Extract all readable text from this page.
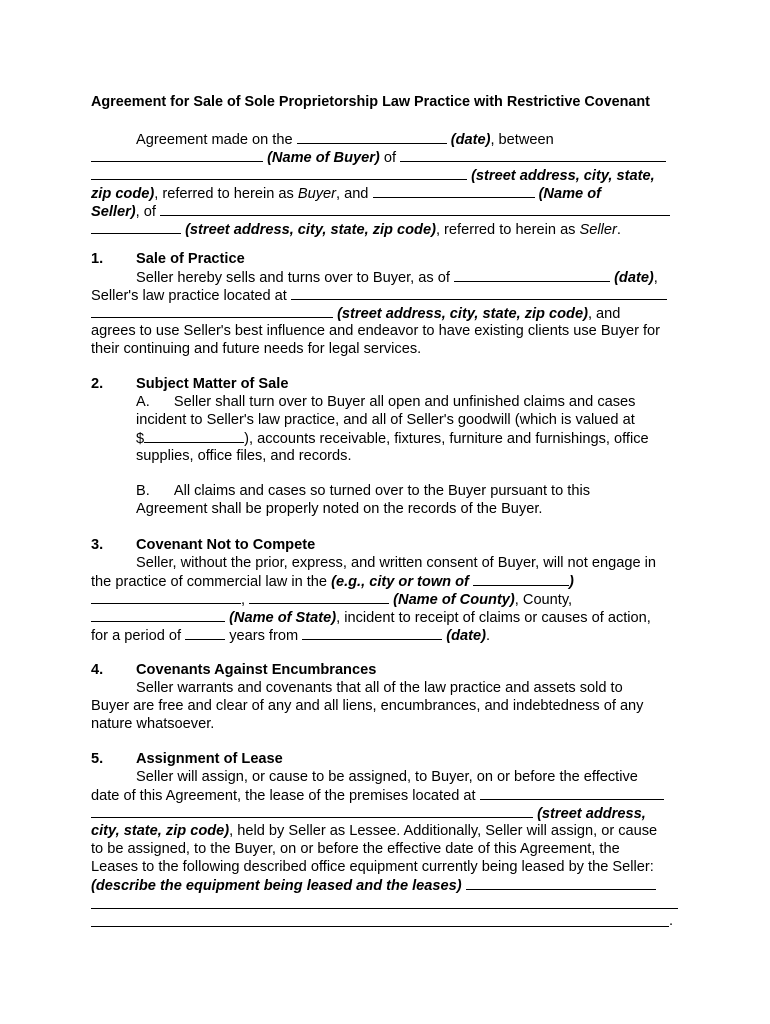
Agreement for Sale of Sole Proprietorship Law Practice with Restrictive Covenant
Agreement made on the	(date), between
(Name of Buyer) of
(street address, city, state,
zip code), referred to herein as Buyer, and	(Name of
Seller), of
(street address, city, state, zip code), referred to herein as Seller.
1. Sale of Practice
Seller hereby sells and turns over to Buyer, as of	(date),
Seller's law practice located at
(street address, city, state, zip code), and
agrees to use Seller's best influence and endeavor to have existing clients use Buyer for
their continuing and future needs for legal services.
2. Subject Matter of Sale
A. Seller shall turn over to Buyer all open and unfinished claims and cases
incident to Seller's law practice, and all of Seller's goodwill (which is valued at
$	), accounts receivable, fixtures, furniture and furnishings, office
supplies, office files, and records.
B. All claims and cases so turned over to the Buyer pursuant to this
Agreement shall be properly noted on the records of the Buyer.
3. Covenant Not to Compete
Seller, without the prior, express, and written consent of Buyer, will not engage in
the practice of commercial law in the (e.g., city or town of	)
,	(Name of County), County,
(Name of State), incident to receipt of claims or causes of action,
for a period of	years from	(date).
4. Covenants Against Encumbrances
Seller warrants and covenants that all of the law practice and assets sold to
Buyer are free and clear of any and all liens, encumbrances, and indebtedness of any
nature whatsoever.
5. Assignment of Lease
Seller will assign, or cause to be assigned, to Buyer, on or before the effective
date of this Agreement, the lease of the premises located at
(street address,
city, state, zip code), held by Seller as Lessee. Additionally, Seller will assign, or cause
to be assigned, to the Buyer, on or before the effective date of this Agreement, the
Leases to the following described office equipment currently being leased by the Seller:
(describe the equipment being leased and the leases)
.
